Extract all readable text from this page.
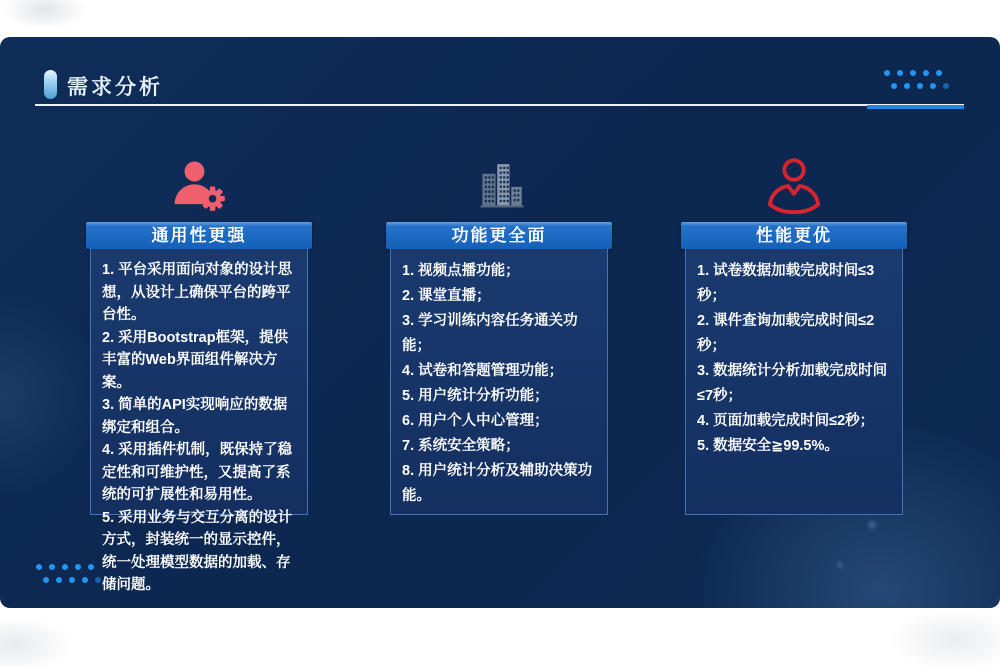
需求分析
通用性更强
1. 平台采用面向对象的设计思想，从设计上确保平台的跨平台性。
2. 采用Bootstrap框架，提供丰富的Web界面组件解决方案。
3. 简单的API实现响应的数据绑定和组合。
4. 采用插件机制，既保持了稳定性和可维护性，又提高了系统的可扩展性和易用性。
5. 采用业务与交互分离的设计方式，封装统一的显示控件，统一处理模型数据的加载、存储问题。
功能更全面
1. 视频点播功能；
2. 课堂直播；
3. 学习训练内容任务通关功能；
4. 试卷和答题管理功能；
5. 用户统计分析功能；
6. 用户个人中心管理；
7. 系统安全策略；
8. 用户统计分析及辅助决策功能。
性能更优
1. 试卷数据加载完成时间≤3秒；
2. 课件查询加载完成时间≤2秒；
3. 数据统计分析加载完成时间≤7秒；
4. 页面加载完成时间≤2秒；
5. 数据安全≧99.5%。
